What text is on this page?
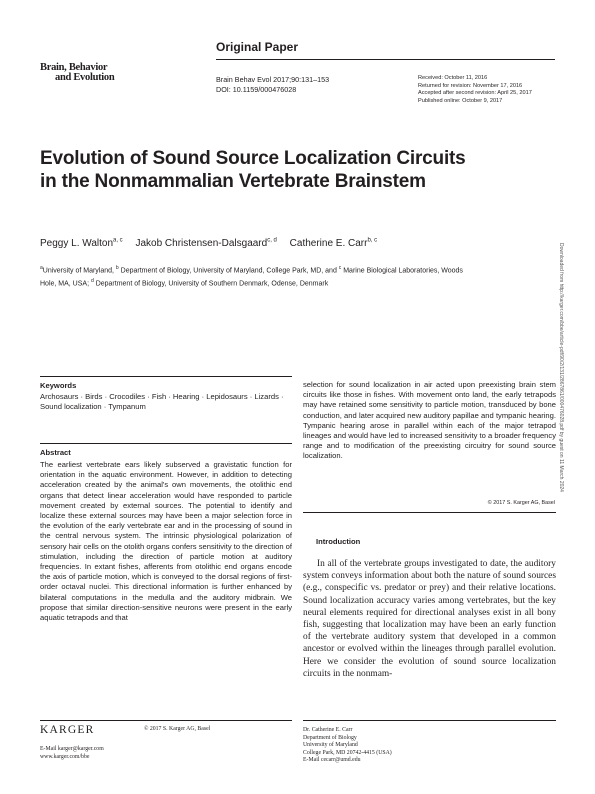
Original Paper
Brain, Behavior
and Evolution	Brain Behav Evol 2017;90:131–153
DOI: 10.1159/000476028
Received: October 11, 2016
Returned for revision: November 17, 2016
Accepted after second revision: April 25, 2017
Published online: October 9, 2017
Evolution of Sound Source Localization Circuits in the Nonmammalian Vertebrate Brainstem
Peggy L. Walton$^{a, c}$ Jakob Christensen-Dalsgaard$^{c, d}$ Catherine E. Carr$^{b, c}$
$^a$University of Maryland, $^b$ Department of Biology, University of Maryland, College Park, MD, and $^c$ Marine Biological Laboratories, Woods Hole, MA, USA; $^d$ Department of Biology, University of Southern Denmark, Odense, Denmark	Downloaded from http://karger.com/bbe/article-pdf/90/2/131/2867861/000476028.pdf by guest on 11 March 2024
Keywords
Archosaurs · Birds · Crocodiles · Fish · Hearing · Lepidosaurs · Lizards · Sound localization · Tympanum
Abstract
The earliest vertebrate ears likely subserved a gravistatic function for orientation in the aquatic environment. However, in addition to detecting acceleration created by the animal's own movements, the otolithic end organs that detect linear acceleration would have responded to particle movement created by external sources. The potential to identify and localize these external sources may have been a major selection force in the evolution of the early vertebrate ear and in the processing of sound in the central nervous system. The intrinsic physiological polarization of sensory hair cells on the otolith organs confers sensitivity to the direction of stimulation, including the direction of particle motion at auditory frequencies. In extant fishes, afferents from otolithic end organs encode the axis of particle motion, which is conveyed to the dorsal regions of first-order octaval nuclei. This directional information is further enhanced by bilateral computations in the medulla and the auditory midbrain. We propose that similar direction-sensitive neurons were present in the early aquatic tetrapods and that
selection for sound localization in air acted upon preexisting brain stem circuits like those in fishes. With movement onto land, the early tetrapods may have retained some sensitivity to particle motion, transduced by bone conduction, and later acquired new auditory papillae and tympanic hearing. Tympanic hearing arose in parallel within each of the major tetrapod lineages and would have led to increased sensitivity to a broader frequency range and to modification of the preexisting circuitry for sound source localization.
© 2017 S. Karger AG, Basel
Introduction

In all of the vertebrate groups investigated to date, the auditory system conveys information about both the nature of sound sources (e.g., conspecific vs. predator or prey) and their relative locations. Sound localization accuracy varies among vertebrates, but the key neural elements required for directional analyses exist in all bony fish, suggesting that localization may have been an early function of the vertebrate auditory system that developed in a common ancestor or evolved within the lineages through parallel evolution. Here we consider the evolution of sound source localization circuits in the nonmam-

KARGER	© 2017 S. Karger AG, Basel
E-Mail karger@karger.com
www.karger.com/bbe
Dr. Catherine E. Carr
Department of Biology
University of Maryland
College Park, MD 20742-4415 (USA)
E-Mail cecarr@umd.edu
